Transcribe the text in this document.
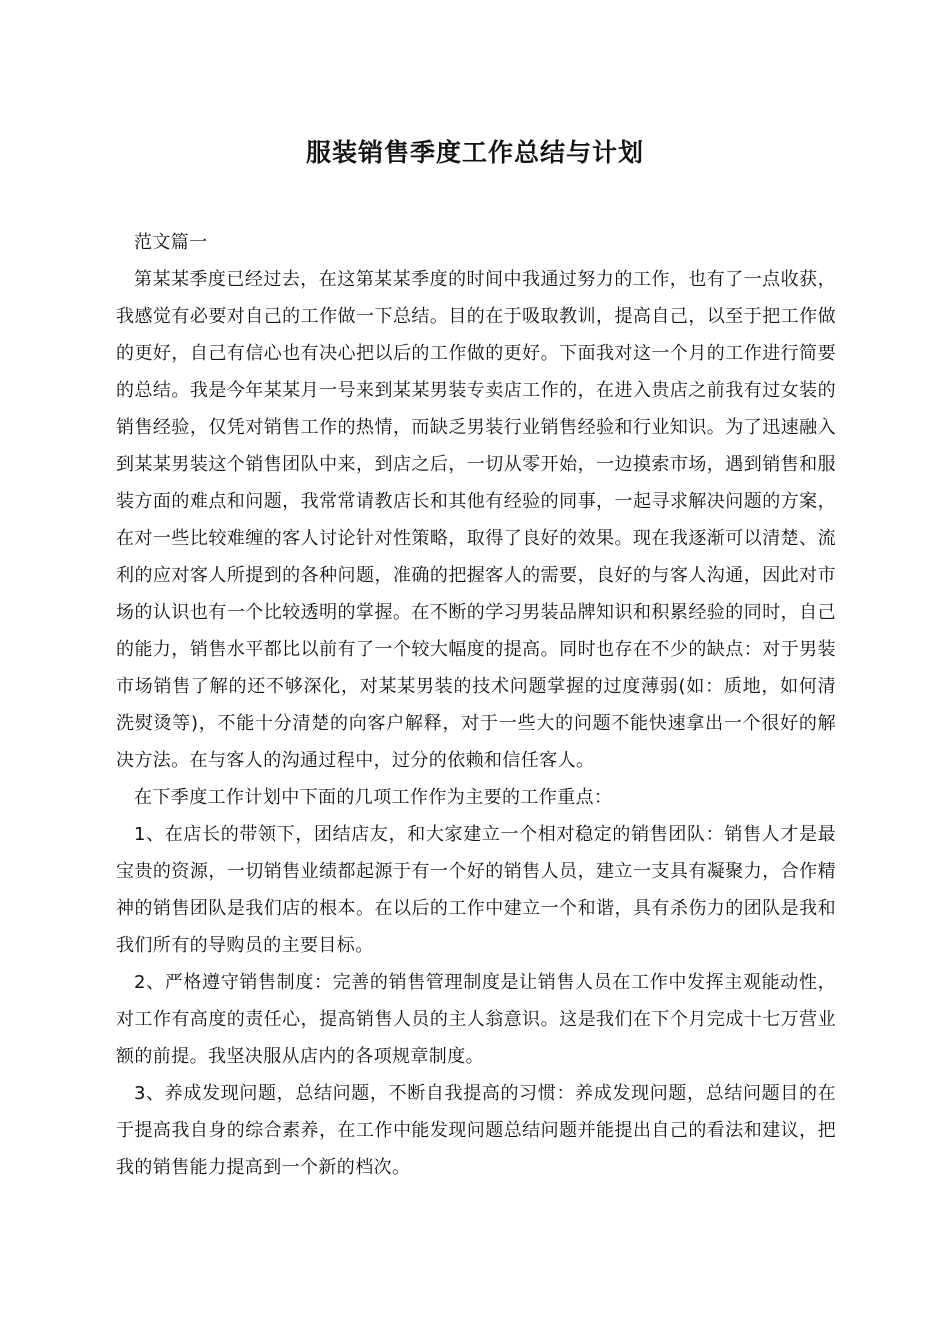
服装销售季度工作总结与计划

范文篇一

第某某季度已经过去，在这第某某季度的时间中我通过努力的工作，也有了一点收获，我感觉有必要对自己的工作做一下总结。目的在于吸取教训，提高自己，以至于把工作做的更好，自己有信心也有决心把以后的工作做的更好。下面我对这一个月的工作进行简要的总结。我是今年某某月一号来到某某男装专卖店工作的，在进入贵店之前我有过女装的销售经验，仅凭对销售工作的热情，而缺乏男装行业销售经验和行业知识。为了迅速融入到某某男装这个销售团队中来，到店之后，一切从零开始，一边摸索市场，遇到销售和服装方面的难点和问题，我常常请教店长和其他有经验的同事，一起寻求解决问题的方案，在对一些比较难缠的客人讨论针对性策略，取得了良好的效果。现在我逐渐可以清楚、流利的应对客人所提到的各种问题，准确的把握客人的需要，良好的与客人沟通，因此对市场的认识也有一个比较透明的掌握。在不断的学习男装品牌知识和积累经验的同时，自己的能力，销售水平都比以前有了一个较大幅度的提高。同时也存在不少的缺点：对于男装市场销售了解的还不够深化，对某某男装的技术问题掌握的过度薄弱(如：质地，如何清洗熨烫等)，不能十分清楚的向客户解释，对于一些大的问题不能快速拿出一个很好的解决方法。在与客人的沟通过程中，过分的依赖和信任客人。

在下季度工作计划中下面的几项工作作为主要的工作重点：

1、在店长的带领下，团结店友，和大家建立一个相对稳定的销售团队：销售人才是最宝贵的资源，一切销售业绩都起源于有一个好的销售人员，建立一支具有凝聚力，合作精神的销售团队是我们店的根本。在以后的工作中建立一个和谐，具有杀伤力的团队是我和我们所有的导购员的主要目标。

2、严格遵守销售制度：完善的销售管理制度是让销售人员在工作中发挥主观能动性，对工作有高度的责任心，提高销售人员的主人翁意识。这是我们在下个月完成十七万营业额的前提。我坚决服从店内的各项规章制度。

3、养成发现问题，总结问题，不断自我提高的习惯：养成发现问题，总结问题目的在于提高我自身的综合素养，在工作中能发现问题总结问题并能提出自己的看法和建议，把我的销售能力提高到一个新的档次。
